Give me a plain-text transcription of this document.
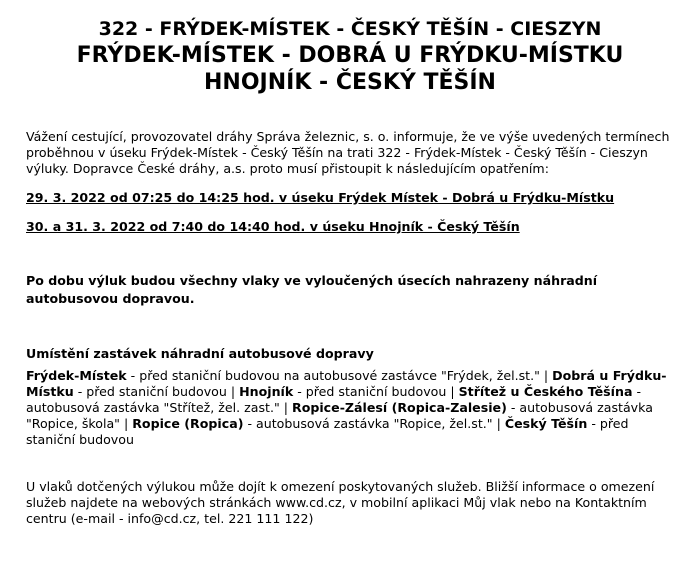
322 - FRÝDEK-MÍSTEK - ČESKÝ TĚŠÍN - CIESZYN
FRÝDEK-MÍSTEK - DOBRÁ U FRÝDKU-MÍSTKU
HNOJNÍK - ČESKÝ TĚŠÍN

Vážení cestující, provozovatel dráhy Správa železnic, s. o. informuje, že ve výše uvedených termínech proběhnou v úseku Frýdek-Místek - Český Těšín na trati 322 - Frýdek-Místek - Český Těšín - Cieszyn výluky. Dopravce České dráhy, a.s. proto musí přistoupit k následujícím opatřením:

29. 3. 2022 od 07:25 do 14:25 hod. v úseku Frýdek Místek - Dobrá u Frýdku-Místku
30. a 31. 3. 2022 od 7:40 do 14:40 hod. v úseku Hnojník - Český Těšín
Po dobu výluk budou všechny vlaky ve vyloučených úsecích nahrazeny náhradní autobusovou dopravou.
Umístění zastávek náhradní autobusové dopravy
Frýdek-Místek - před staniční budovou na autobusové zastávce "Frýdek, žel.st." | Dobrá u Frýdku-Místku - před staniční budovou | Hnojník - před staniční budovou | Střítež u Českého Těšína - autobusová zastávka "Střítež, žel. zast." | Ropice-Zálesí (Ropica-Zalesie) - autobusová zastávka "Ropice, škola" | Ropice (Ropica) - autobusová zastávka "Ropice, žel.st." | Český Těšín - před staniční budovou

U vlaků dotčených výlukou může dojít k omezení poskytovaných služeb. Bližší informace o omezení služeb najdete na webových stránkách www.cd.cz, v mobilní aplikaci Můj vlak nebo na Kontaktním centru (e-mail - info@cd.cz, tel. 221 111 122)
